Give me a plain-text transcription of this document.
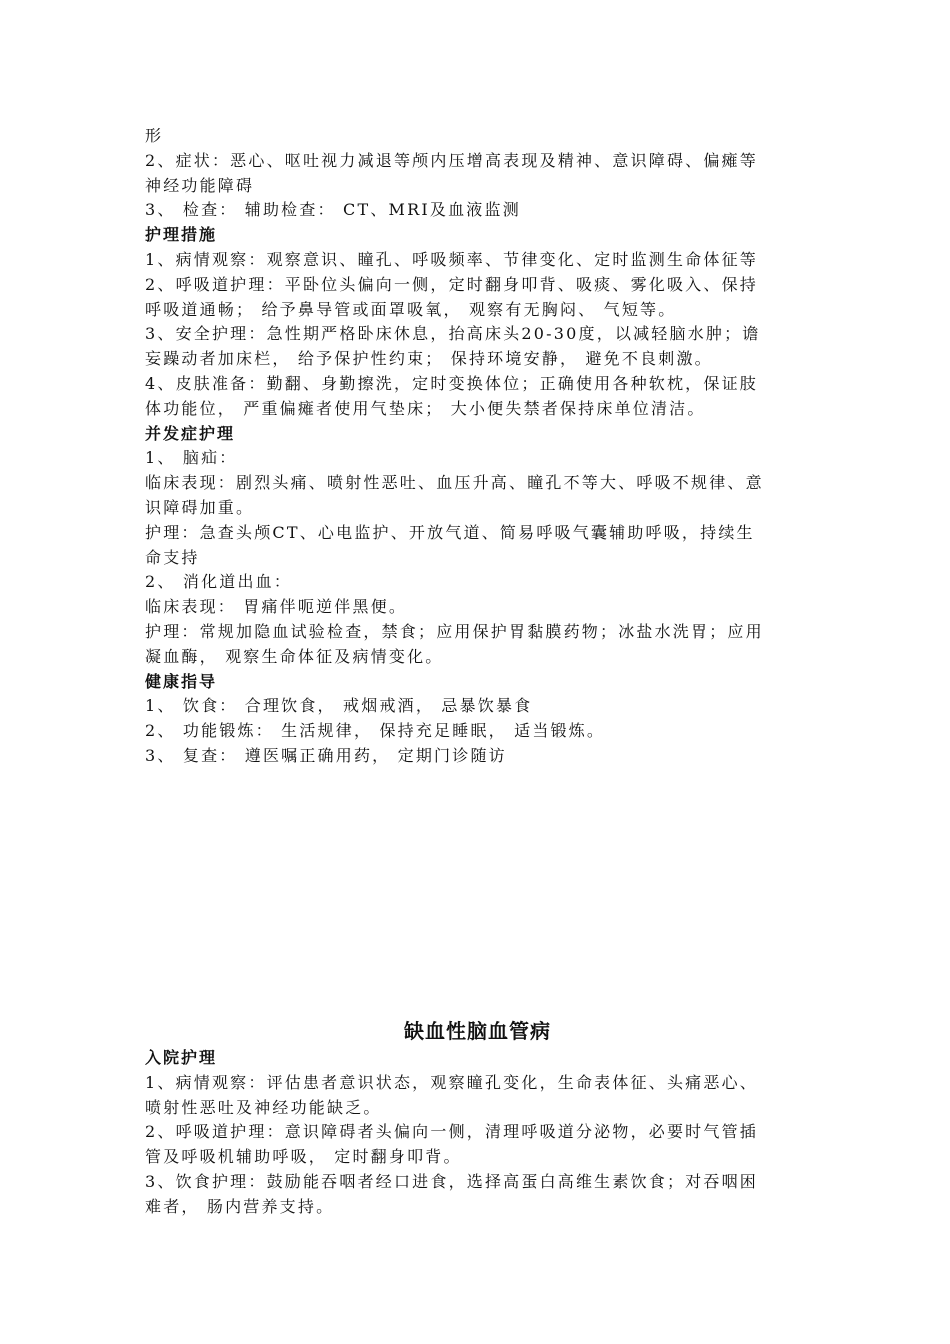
形

2、症状：恶心、呕吐视力减退等颅内压增高表现及精神、意识障碍、偏瘫等

神经功能障碍

3、 检查： 辅助检查： CT、MRI及血液监测

护理措施

1、病情观察：观察意识、瞳孔、呼吸频率、节律变化、定时监测生命体征等

2、呼吸道护理：平卧位头偏向一侧，定时翻身叩背、吸痰、雾化吸入、保持

呼吸道通畅； 给予鼻导管或面罩吸氧， 观察有无胸闷、 气短等。

3、安全护理：急性期严格卧床休息，抬高床头20-30度，以减轻脑水肿；谵

妄躁动者加床栏， 给予保护性约束； 保持环境安静， 避免不良刺激。

4、皮肤准备：勤翻、身勤擦洗，定时变换体位；正确使用各种软枕，保证肢

体功能位， 严重偏瘫者使用气垫床； 大小便失禁者保持床单位清洁。

并发症护理

1、 脑疝：

临床表现：剧烈头痛、喷射性恶吐、血压升高、瞳孔不等大、呼吸不规律、意

识障碍加重。

护理：急查头颅CT、心电监护、开放气道、简易呼吸气囊辅助呼吸，持续生

命支持

2、 消化道出血：

临床表现： 胃痛伴呃逆伴黑便。

护理：常规加隐血试验检查，禁食；应用保护胃黏膜药物；冰盐水洗胃；应用

凝血酶， 观察生命体征及病情变化。

健康指导

1、 饮食： 合理饮食， 戒烟戒酒， 忌暴饮暴食

2、 功能锻炼： 生活规律， 保持充足睡眠， 适当锻炼。

3、 复查： 遵医嘱正确用药， 定期门诊随访

缺血性脑血管病

入院护理

1、病情观察：评估患者意识状态，观察瞳孔变化，生命表体征、头痛恶心、

喷射性恶吐及神经功能缺乏。

2、呼吸道护理：意识障碍者头偏向一侧，清理呼吸道分泌物，必要时气管插

管及呼吸机辅助呼吸， 定时翻身叩背。

3、饮食护理：鼓励能吞咽者经口进食，选择高蛋白高维生素饮食；对吞咽困

难者， 肠内营养支持。
